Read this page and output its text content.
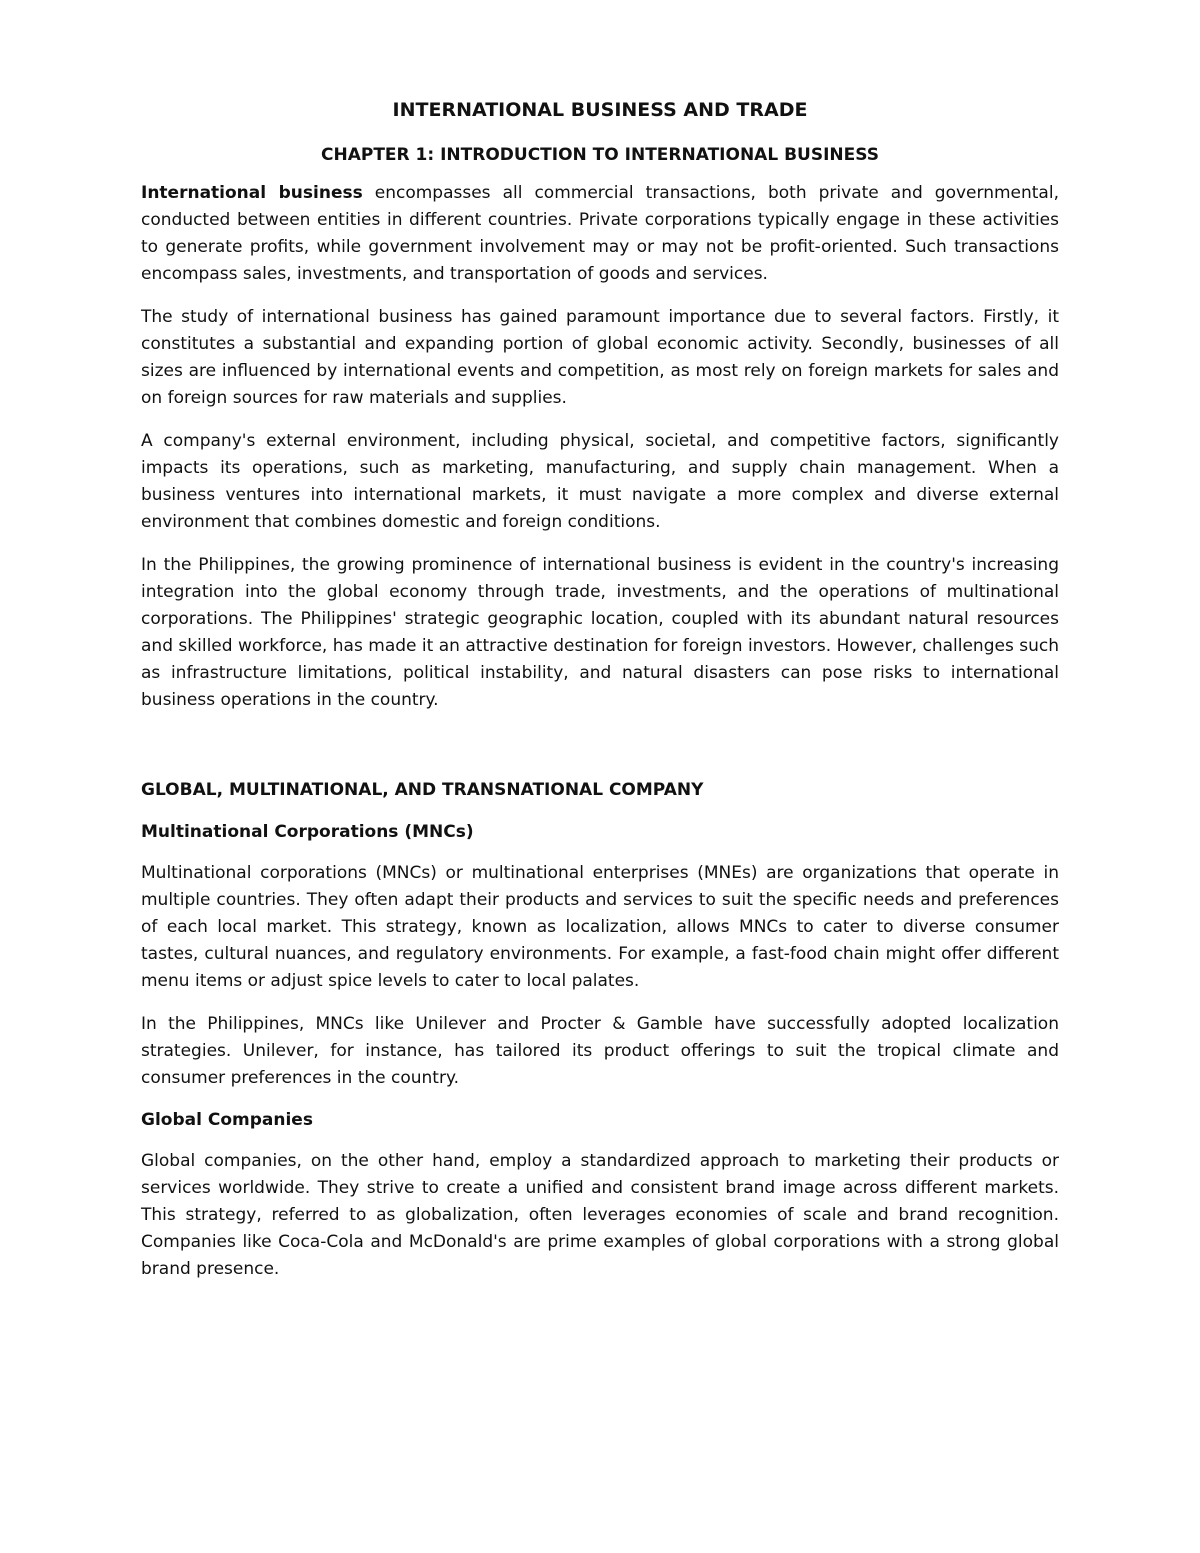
INTERNATIONAL BUSINESS AND TRADE
CHAPTER 1: INTRODUCTION TO INTERNATIONAL BUSINESS

International business encompasses all commercial transactions, both private and governmental, conducted between entities in different countries. Private corporations typically engage in these activities to generate profits, while government involvement may or may not be profit-oriented. Such transactions encompass sales, investments, and transportation of goods and services.

The study of international business has gained paramount importance due to several factors. Firstly, it constitutes a substantial and expanding portion of global economic activity. Secondly, businesses of all sizes are influenced by international events and competition, as most rely on foreign markets for sales and on foreign sources for raw materials and supplies.

A company's external environment, including physical, societal, and competitive factors, significantly impacts its operations, such as marketing, manufacturing, and supply chain management. When a business ventures into international markets, it must navigate a more complex and diverse external environment that combines domestic and foreign conditions.

In the Philippines, the growing prominence of international business is evident in the country's increasing integration into the global economy through trade, investments, and the operations of multinational corporations. The Philippines' strategic geographic location, coupled with its abundant natural resources and skilled workforce, has made it an attractive destination for foreign investors. However, challenges such as infrastructure limitations, political instability, and natural disasters can pose risks to international business operations in the country.

GLOBAL, MULTINATIONAL, AND TRANSNATIONAL COMPANY
Multinational Corporations (MNCs)

Multinational corporations (MNCs) or multinational enterprises (MNEs) are organizations that operate in multiple countries. They often adapt their products and services to suit the specific needs and preferences of each local market. This strategy, known as localization, allows MNCs to cater to diverse consumer tastes, cultural nuances, and regulatory environments. For example, a fast-food chain might offer different menu items or adjust spice levels to cater to local palates.

In the Philippines, MNCs like Unilever and Procter & Gamble have successfully adopted localization strategies. Unilever, for instance, has tailored its product offerings to suit the tropical climate and consumer preferences in the country.

Global Companies

Global companies, on the other hand, employ a standardized approach to marketing their products or services worldwide. They strive to create a unified and consistent brand image across different markets. This strategy, referred to as globalization, often leverages economies of scale and brand recognition. Companies like Coca-Cola and McDonald's are prime examples of global corporations with a strong global brand presence.
